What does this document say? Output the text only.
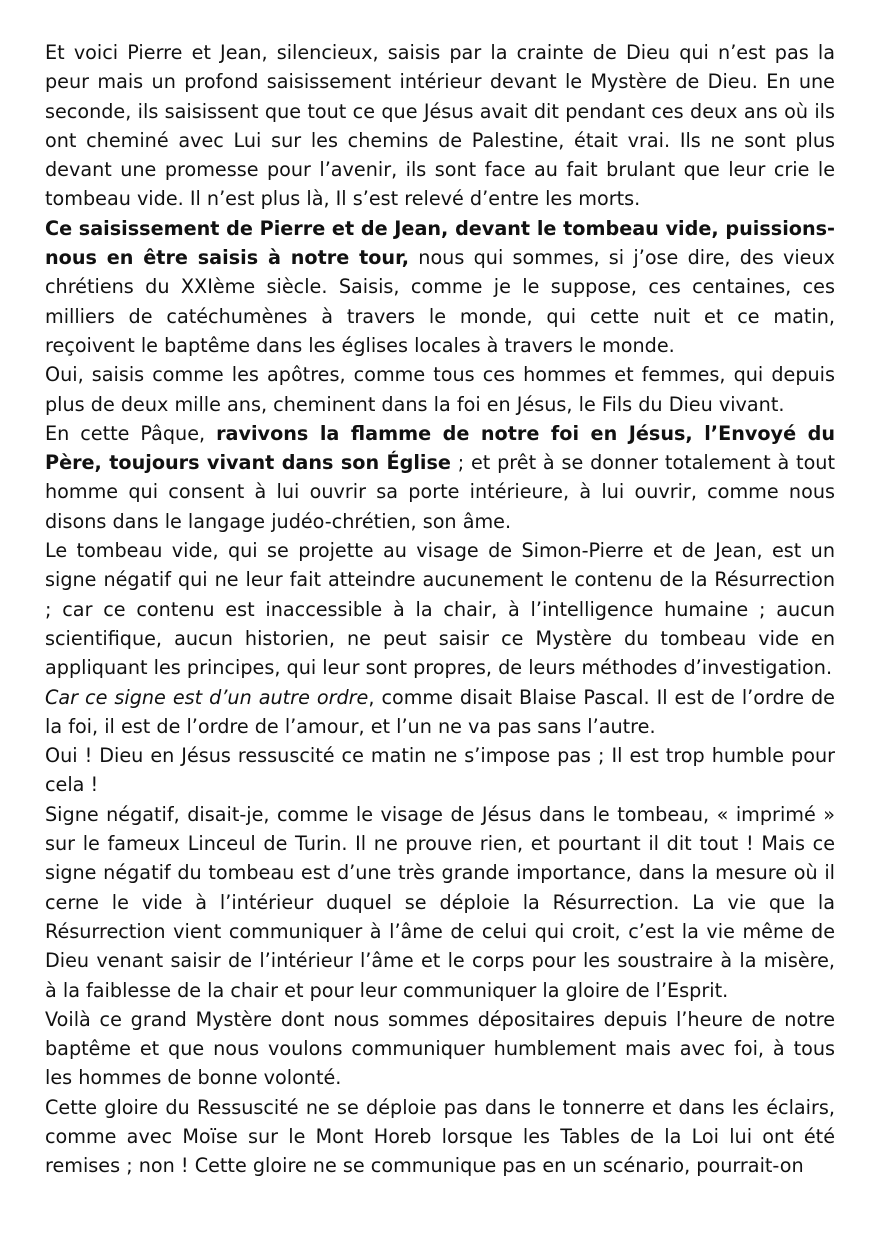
Et voici Pierre et Jean, silencieux, saisis par la crainte de Dieu qui n’est pas la peur mais un profond saisissement intérieur devant le Mystère de Dieu. En une seconde, ils saisissent que tout ce que Jésus avait dit pendant ces deux ans où ils ont cheminé avec Lui sur les chemins de Palestine, était vrai. Ils ne sont plus devant une promesse pour l’avenir, ils sont face au fait brulant que leur crie le tombeau vide. Il n’est plus là, Il s’est relevé d’entre les morts.

Ce saisissement de Pierre et de Jean, devant le tombeau vide, puissions-nous en être saisis à notre tour, nous qui sommes, si j’ose dire, des vieux chrétiens du XXIème siècle. Saisis, comme je le suppose, ces centaines, ces milliers de catéchumènes à travers le monde, qui cette nuit et ce matin, reçoivent le baptême dans les églises locales à travers le monde.

Oui, saisis comme les apôtres, comme tous ces hommes et femmes, qui depuis plus de deux mille ans, cheminent dans la foi en Jésus, le Fils du Dieu vivant.

En cette Pâque, ravivons la flamme de notre foi en Jésus, l’Envoyé du Père, toujours vivant dans son Église ; et prêt à se donner totalement à tout homme qui consent à lui ouvrir sa porte intérieure, à lui ouvrir, comme nous disons dans le langage judéo-chrétien, son âme.

Le tombeau vide, qui se projette au visage de Simon-Pierre et de Jean, est un signe négatif qui ne leur fait atteindre aucunement le contenu de la Résurrection ; car ce contenu est inaccessible à la chair, à l’intelligence humaine ; aucun scientifique, aucun historien, ne peut saisir ce Mystère du tombeau vide en appliquant les principes, qui leur sont propres, de leurs méthodes d’investigation.

Car ce signe est d’un autre ordre, comme disait Blaise Pascal. Il est de l’ordre de la foi, il est de l’ordre de l’amour, et l’un ne va pas sans l’autre.

Oui ! Dieu en Jésus ressuscité ce matin ne s’impose pas ; Il est trop humble pour cela !

Signe négatif, disait-je, comme le visage de Jésus dans le tombeau, « imprimé » sur le fameux Linceul de Turin. Il ne prouve rien, et pourtant il dit tout ! Mais ce signe négatif du tombeau est d’une très grande importance, dans la mesure où il cerne le vide à l’intérieur duquel se déploie la Résurrection. La vie que la Résurrection vient communiquer à l’âme de celui qui croit, c’est la vie même de Dieu venant saisir de l’intérieur l’âme et le corps pour les soustraire à la misère, à la faiblesse de la chair et pour leur communiquer la gloire de l’Esprit.

Voilà ce grand Mystère dont nous sommes dépositaires depuis l’heure de notre baptême et que nous voulons communiquer humblement mais avec foi, à tous les hommes de bonne volonté.

Cette gloire du Ressuscité ne se déploie pas dans le tonnerre et dans les éclairs, comme avec Moïse sur le Mont Horeb lorsque les Tables de la Loi lui ont été remises ; non ! Cette gloire ne se communique pas en un scénario, pourrait-on
